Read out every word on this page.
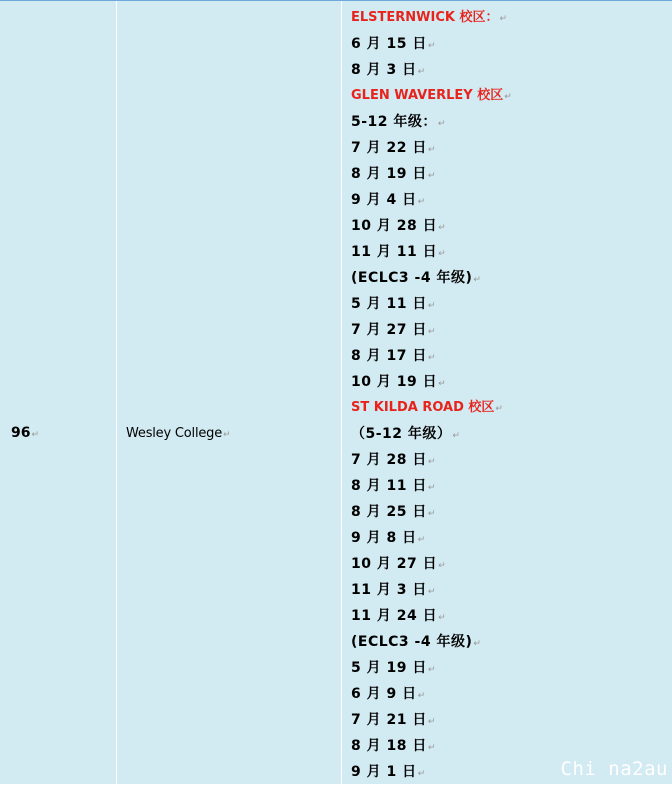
96↵	Wesley College↵
ELSTERNWICK 校区：↵
6 月 15 日↵
8 月 3 日↵
GLEN WAVERLEY 校区↵
5-12 年级：↵
7 月 22 日↵
8 月 19 日↵
9 月 4 日↵
10 月 28 日↵
11 月 11 日↵
(ECLC3 -4 年级)↵
5 月 11 日↵
7 月 27 日↵
8 月 17 日↵
10 月 19 日↵
ST KILDA ROAD 校区↵
（5-12 年级）↵
7 月 28 日↵
8 月 11 日↵
8 月 25 日↵
9 月 8 日↵
10 月 27 日↵
11 月 3 日↵
11 月 24 日↵
(ECLC3 -4 年级)↵
5 月 19 日↵
6 月 9 日↵
7 月 21 日↵
8 月 18 日↵
9 月 1 日↵	Chi na2au
